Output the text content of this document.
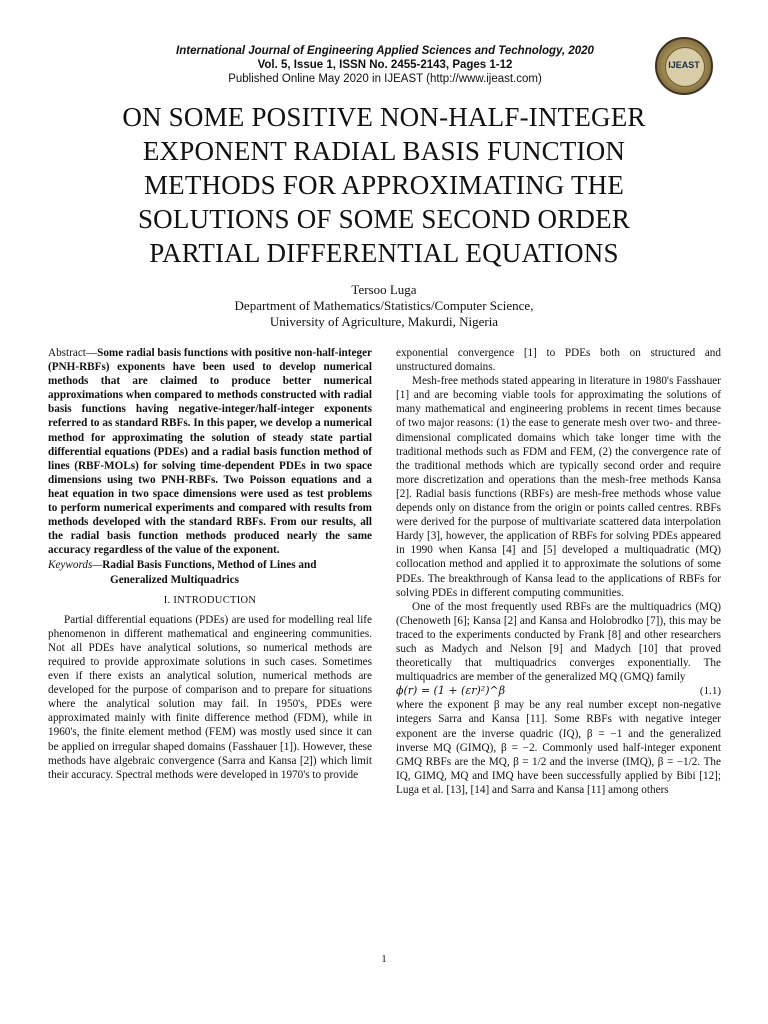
International Journal of Engineering Applied Sciences and Technology, 2020
Vol. 5, Issue 1, ISSN No. 2455-2143, Pages 1-12
Published Online May 2020 in IJEAST (http://www.ijeast.com)
IJEAST
ON SOME POSITIVE NON-HALF-INTEGER
EXPONENT RADIAL BASIS FUNCTION
METHODS FOR APPROXIMATING THE
SOLUTIONS OF SOME SECOND ORDER
PARTIAL DIFFERENTIAL EQUATIONS
Tersoo Luga
Department of Mathematics/Statistics/Computer Science,
University of Agriculture, Makurdi, Nigeria

Abstract—Some radial basis functions with positive non-half-integer (PNH-RBFs) exponents have been used to develop numerical methods that are claimed to produce better numerical approximations when compared to methods constructed with radial basis functions having negative-integer/half-integer exponents referred to as standard RBFs. In this paper, we develop a numerical method for approximating the solution of steady state partial differential equations (PDEs) and a radial basis function method of lines (RBF-MOLs) for solving time-dependent PDEs in two space dimensions using two PNH-RBFs. Two Poisson equations and a heat equation in two space dimensions were used as test problems to perform numerical experiments and compared with results from methods developed with the standard RBFs. From our results, all the radial basis function methods produced nearly the same accuracy regardless of the value of the exponent.

Keywords—Radial Basis Functions, Method of Lines and
Generalized Multiquadrics
I. INTRODUCTION

Partial differential equations (PDEs) are used for modelling real life phenomenon in different mathematical and engineering communities. Not all PDEs have analytical solutions, so numerical methods are required to provide approximate solutions in such cases. Sometimes even if there exists an analytical solution, numerical methods are developed for the purpose of comparison and to prepare for situations where the analytical solution may fail. In 1950's, PDEs were approximated mainly with finite difference method (FDM), while in 1960's, the finite element method (FEM) was mostly used since it can be applied on irregular shaped domains (Fasshauer [1]). However, these methods have algebraic convergence (Sarra and Kansa [2]) which limit their accuracy. Spectral methods were developed in 1970's to provide

exponential convergence [1] to PDEs both on structured and unstructured domains.

Mesh-free methods stated appearing in literature in 1980's Fasshauer [1] and are becoming viable tools for approximating the solutions of many mathematical and engineering problems in recent times because of two major reasons: (1) the ease to generate mesh over two- and three-dimensional complicated domains which take longer time with the traditional methods such as FDM and FEM, (2) the convergence rate of the traditional methods which are typically second order and require more discretization and operations than the mesh-free methods Kansa [2]. Radial basis functions (RBFs) are mesh-free methods whose value depends only on distance from the origin or points called centres. RBFs were derived for the purpose of multivariate scattered data interpolation Hardy [3], however, the application of RBFs for solving PDEs appeared in 1990 when Kansa [4] and [5] developed a multiquadratic (MQ) collocation method and applied it to approximate the solutions of some PDEs. The breakthrough of Kansa lead to the applications of RBFs for solving PDEs in different computing communities.

One of the most frequently used RBFs are the multiquadrics (MQ) (Chenoweth [6]; Kansa [2] and Kansa and Holobrodko [7]), this may be traced to the experiments conducted by Frank [8] and other researchers such as Madych and Nelson [9] and Madych [10] that proved theoretically that multiquadrics converges exponentially. The multiquadrics are member of the generalized MQ (GMQ) family

ϕ(r) = (1 + (εr)²)^β	(1.1)

where the exponent β may be any real number except non-negative integers Sarra and Kansa [11]. Some RBFs with negative integer exponent are the inverse quadric (IQ), β = −1 and the generalized inverse MQ (GIMQ), β = −2. Commonly used half-integer exponent GMQ RBFs are the MQ, β = 1/2 and the inverse (IMQ), β = −1/2. The IQ, GIMQ, MQ and IMQ have been successfully applied by Bibi [12]; Luga et al. [13], [14] and Sarra and Kansa [11] among others

1
